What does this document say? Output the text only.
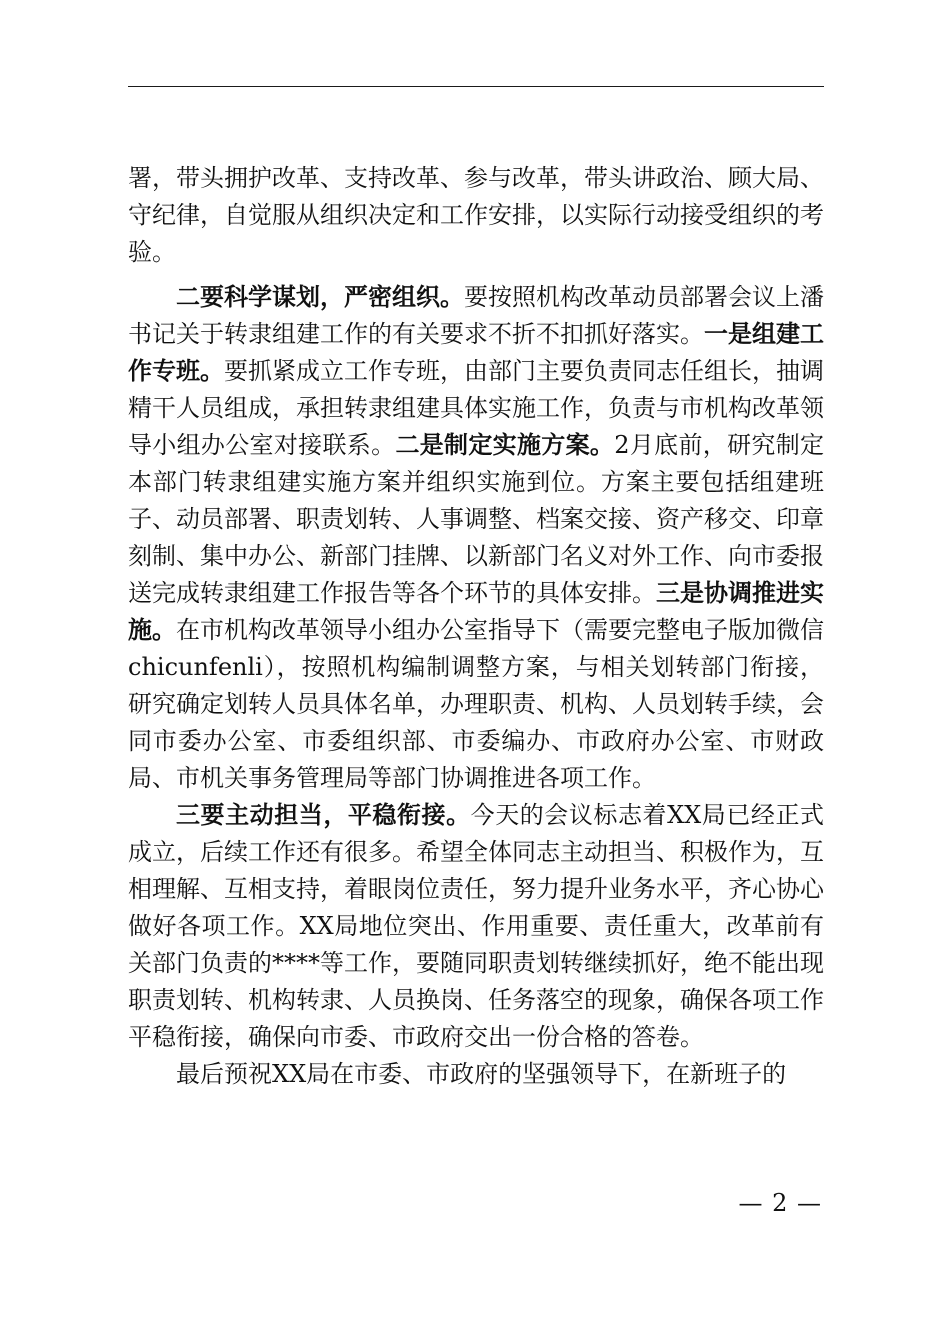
署，带头拥护改革、支持改革、参与改革，带头讲政治、顾大局、守纪律，自觉服从组织决定和工作安排，以实际行动接受组织的考验。

二要科学谋划，严密组织。要按照机构改革动员部署会议上潘书记关于转隶组建工作的有关要求不折不扣抓好落实。一是组建工作专班。要抓紧成立工作专班，由部门主要负责同志任组长，抽调精干人员组成，承担转隶组建具体实施工作，负责与市机构改革领导小组办公室对接联系。二是制定实施方案。2月底前，研究制定本部门转隶组建实施方案并组织实施到位。方案主要包括组建班子、动员部署、职责划转、人事调整、档案交接、资产移交、印章刻制、集中办公、新部门挂牌、以新部门名义对外工作、向市委报送完成转隶组建工作报告等各个环节的具体安排。三是协调推进实施。在市机构改革领导小组办公室指导下（需要完整电子版加微信 chicunfenli），按照机构编制调整方案，与相关划转部门衔接，研究确定划转人员具体名单，办理职责、机构、人员划转手续，会同市委办公室、市委组织部、市委编办、市政府办公室、市财政局、市机关事务管理局等部门协调推进各项工作。

三要主动担当，平稳衔接。今天的会议标志着XX局已经正式成立，后续工作还有很多。希望全体同志主动担当、积极作为，互相理解、互相支持，着眼岗位责任，努力提升业务水平，齐心协心做好各项工作。XX局地位突出、作用重要、责任重大，改革前有关部门负责的****等工作，要随同职责划转继续抓好，绝不能出现职责划转、机构转隶、人员换岗、任务落空的现象，确保各项工作平稳衔接，确保向市委、市政府交出一份合格的答卷。

最后预祝XX局在市委、市政府的坚强领导下，在新班子的

— 2 —
